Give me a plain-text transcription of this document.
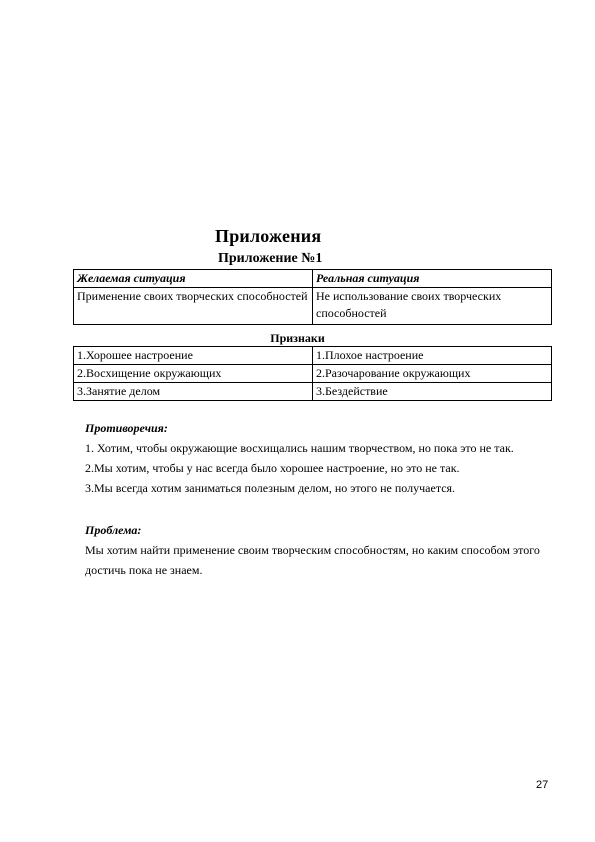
Приложения
Приложение №1
Желаемая ситуация	Реальная ситуация
Применение своих творческих способностей	Не использование своих творческих способностей
Признаки
1.Хорошее настроение	1.Плохое настроение
2.Восхищение окружающих	2.Разочарование окружающих
3.Занятие делом	3.Бездействие
Противоречия:
1. Хотим, чтобы окружающие восхищались нашим творчеством, но пока это не так.
2.Мы хотим, чтобы у нас всегда было хорошее настроение, но это не так.
3.Мы всегда хотим заниматься полезным делом, но этого не получается.
Проблема:
Мы хотим найти применение своим творческим способностям, но каким способом этого достичь пока не знаем.
27
